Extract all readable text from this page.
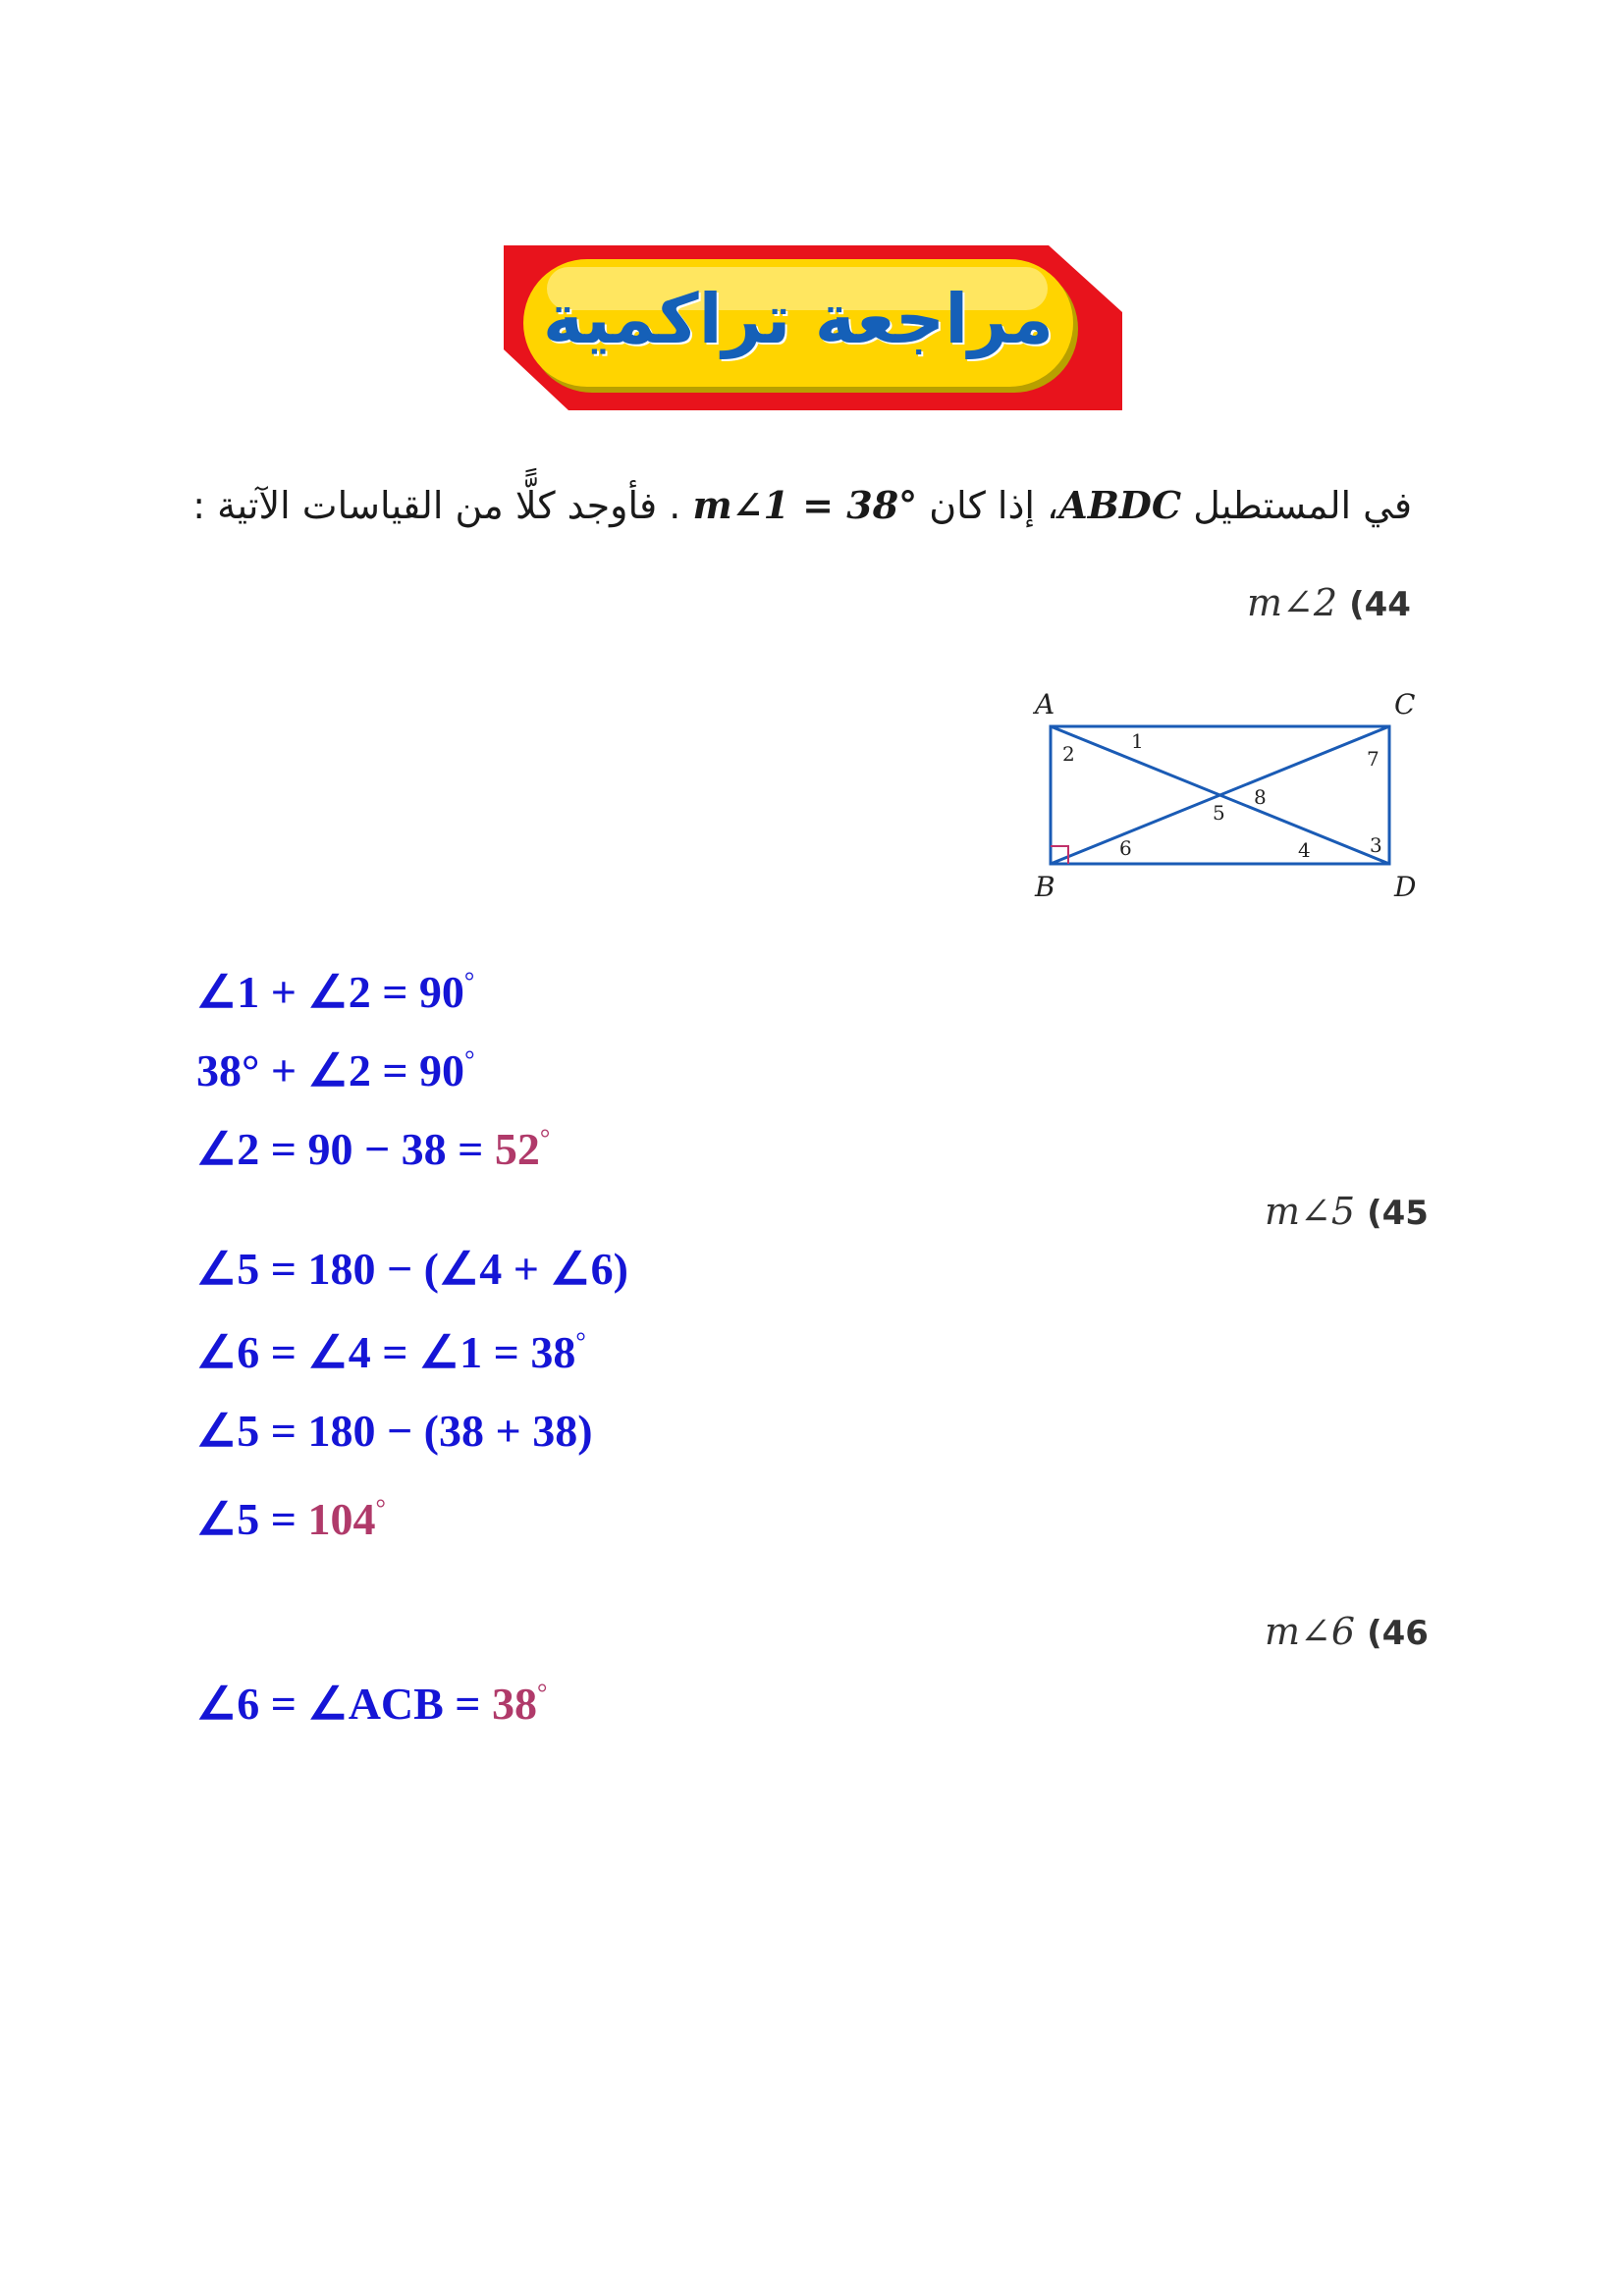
مراجعة تراكمية
في المستطيل ABDC، إذا كان m∠1 = 38° . فأوجد كلًّا من القياسات الآتية :
m∠2 (44
A	C
B	D
1
2
3
4
5
6
7
8
∠1 + ∠2 = 90°
38° + ∠2 = 90°
∠2 = 90 − 38 = 52°
m∠5 (45
∠5 = 180 − (∠4 + ∠6)
∠6 = ∠4 = ∠1 = 38°
∠5 = 180 − (38 + 38)
∠5 = 104°
m∠6 (46
∠6 = ∠ACB = 38°
